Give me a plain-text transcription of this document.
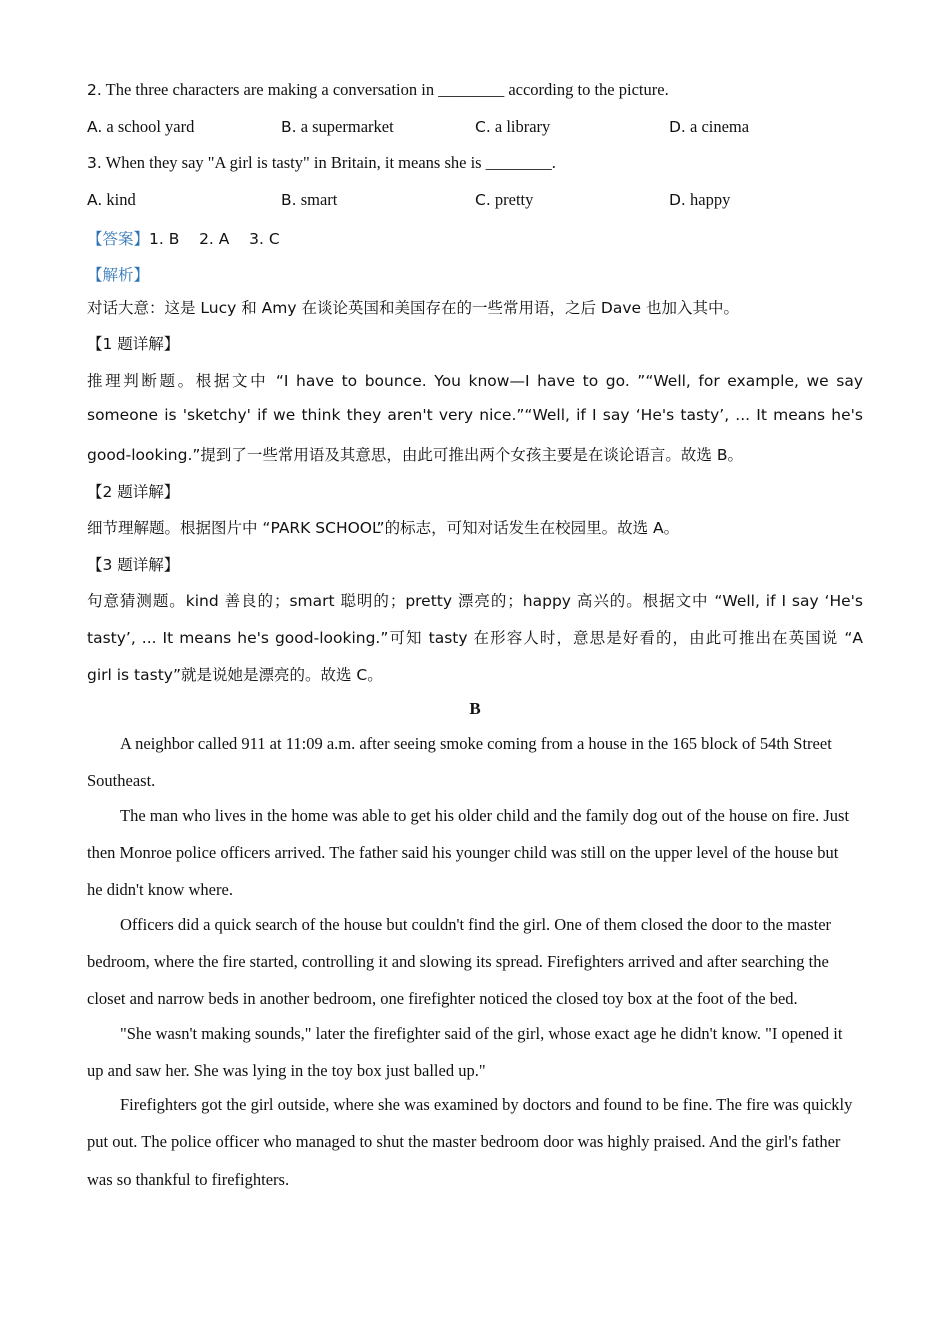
2. The three characters are making a conversation in ________ according to the picture.
A. a school yard	B. a supermarket	C. a library	D. a cinema
3. When they say "A girl is tasty" in Britain, it means she is ________.
A. kind	B. smart	C. pretty	D. happy
【答案】1. B    2. A    3. C
【解析】
对话大意：这是 Lucy 和 Amy 在谈论英国和美国存在的一些常用语，之后 Dave 也加入其中。
【1 题详解】
推理判断题。根据文中 “I have to bounce. You know—I have to go. ”“Well, for example, we say
someone is 'sketchy' if we think they aren't very nice.”“Well, if I say ‘He's tasty’, ... It means he's
good-looking.”提到了一些常用语及其意思，由此可推出两个女孩主要是在谈论语言。故选 B。
【2 题详解】
细节理解题。根据图片中 “PARK SCHOOL”的标志，可知对话发生在校园里。故选 A。
【3 题详解】
句意猜测题。kind 善良的；smart 聪明的；pretty 漂亮的；happy 高兴的。根据文中 “Well, if I say ‘He's
tasty’, ... It means he's good-looking.”可知 tasty 在形容人时，意思是好看的，由此可推出在英国说 “A
girl is tasty”就是说她是漂亮的。故选 C。
B
A neighbor called 911 at 11:09 a.m. after seeing smoke coming from a house in the 165 block of 54th Street
Southeast.
The man who lives in the home was able to get his older child and the family dog out of the house on fire. Just
then Monroe police officers arrived. The father said his younger child was still on the upper level of the house but
he didn't know where.
Officers did a quick search of the house but couldn't find the girl. One of them closed the door to the master
bedroom, where the fire started, controlling it and slowing its spread. Firefighters arrived and after searching the
closet and narrow beds in another bedroom, one firefighter noticed the closed toy box at the foot of the bed.
"She wasn't making sounds," later the firefighter said of the girl, whose exact age he didn't know. "I opened it
up and saw her. She was lying in the toy box just balled up."
Firefighters got the girl outside, where she was examined by doctors and found to be fine. The fire was quickly
put out. The police officer who managed to shut the master bedroom door was highly praised. And the girl's father
was so thankful to firefighters.
